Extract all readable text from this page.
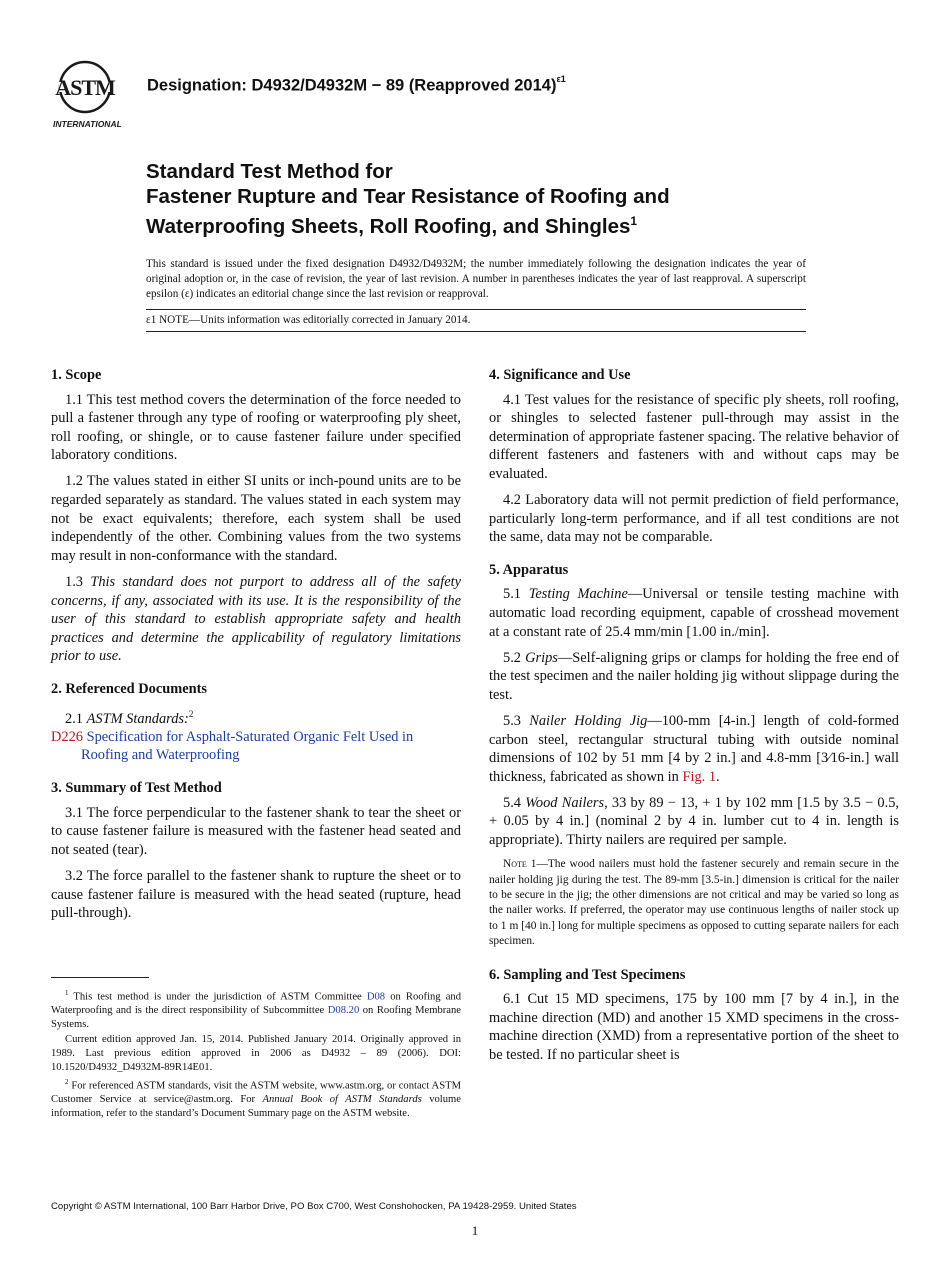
ASTM
INTERNATIONAL
Designation: D4932/D4932M − 89 (Reapproved 2014)$^{\varepsilon 1}$
Standard Test Method for
Fastener Rupture and Tear Resistance of Roofing and
Waterproofing Sheets, Roll Roofing, and Shingles$^1$
This standard is issued under the fixed designation D4932/D4932M; the number immediately following the designation indicates the year of original adoption or, in the case of revision, the year of last revision. A number in parentheses indicates the year of last reapproval. A superscript epsilon (ε) indicates an editorial change since the last revision or reapproval.
ε1 NOTE—Units information was editorially corrected in January 2014.
1. Scope

1.1 This test method covers the determination of the force needed to pull a fastener through any type of roofing or waterproofing ply sheet, roll roofing, or shingle, or to cause fastener failure under specified laboratory conditions.

1.2 The values stated in either SI units or inch-pound units are to be regarded separately as standard. The values stated in each system may not be exact equivalents; therefore, each system shall be used independently of the other. Combining values from the two systems may result in non-conformance with the standard.

1.3 This standard does not purport to address all of the safety concerns, if any, associated with its use. It is the responsibility of the user of this standard to establish appropriate safety and health practices and determine the applicability of regulatory limitations prior to use.

2. Referenced Documents

2.1 ASTM Standards:$^2$

D226 Specification for Asphalt-Saturated Organic Felt Used in Roofing and Waterproofing

3. Summary of Test Method

3.1 The force perpendicular to the fastener shank to tear the sheet or to cause fastener failure is measured with the fastener head seated and not seated (tear).

3.2 The force parallel to the fastener shank to rupture the sheet or to cause fastener failure is measured with the head seated (rupture, head pull-through).

4. Significance and Use

4.1 Test values for the resistance of specific ply sheets, roll roofing, or shingles to selected fastener pull-through may assist in the determination of appropriate fastener spacing. The relative behavior of different fasteners and fasteners with and without caps may be evaluated.

4.2 Laboratory data will not permit prediction of field performance, particularly long-term performance, and if all test conditions are not the same, data may not be comparable.

5. Apparatus

5.1 Testing Machine—Universal or tensile testing machine with automatic load recording equipment, capable of crosshead movement at a constant rate of 25.4 mm/min [1.00 in./min].

5.2 Grips—Self-aligning grips or clamps for holding the free end of the test specimen and the nailer holding jig without slippage during the test.

5.3 Nailer Holding Jig—100-mm [4-in.] length of cold-formed carbon steel, rectangular structural tubing with outside nominal dimensions of 102 by 51 mm [4 by 2 in.] and 4.8-mm [3⁄16-in.] wall thickness, fabricated as shown in Fig. 1.

5.4 Wood Nailers, 33 by 89 − 13, + 1 by 102 mm [1.5 by 3.5 − 0.5, + 0.05 by 4 in.] (nominal 2 by 4 in. lumber cut to 4 in. length is appropriate). Thirty nailers are required per sample.

Note 1—The wood nailers must hold the fastener securely and remain secure in the nailer holding jig during the test. The 89-mm [3.5-in.] dimension is critical for the nailer to be secure in the jig; the other dimensions are not critical and may be varied so long as the nailer works. If preferred, the operator may use continuous lengths of nailer stock up to 1 m [40 in.] long for multiple specimens as opposed to cutting separate nailers for each specimen.

6. Sampling and Test Specimens

6.1 Cut 15 MD specimens, 175 by 100 mm [7 by 4 in.], in the machine direction (MD) and another 15 XMD specimens in the cross-machine direction (XMD) from a representative portion of the sheet to be tested. If no particular sheet is

$^1$ This test method is under the jurisdiction of ASTM Committee D08 on Roofing and Waterproofing and is the direct responsibility of Subcommittee D08.20 on Roofing Membrane Systems.

Current edition approved Jan. 15, 2014. Published January 2014. Originally approved in 1989. Last previous edition approved in 2006 as D4932 – 89 (2006). DOI: 10.1520/D4932_D4932M-89R14E01.

$^2$ For referenced ASTM standards, visit the ASTM website, www.astm.org, or contact ASTM Customer Service at service@astm.org. For Annual Book of ASTM Standards volume information, refer to the standard’s Document Summary page on the ASTM website.

Copyright © ASTM International, 100 Barr Harbor Drive, PO Box C700, West Conshohocken, PA 19428-2959. United States
1
